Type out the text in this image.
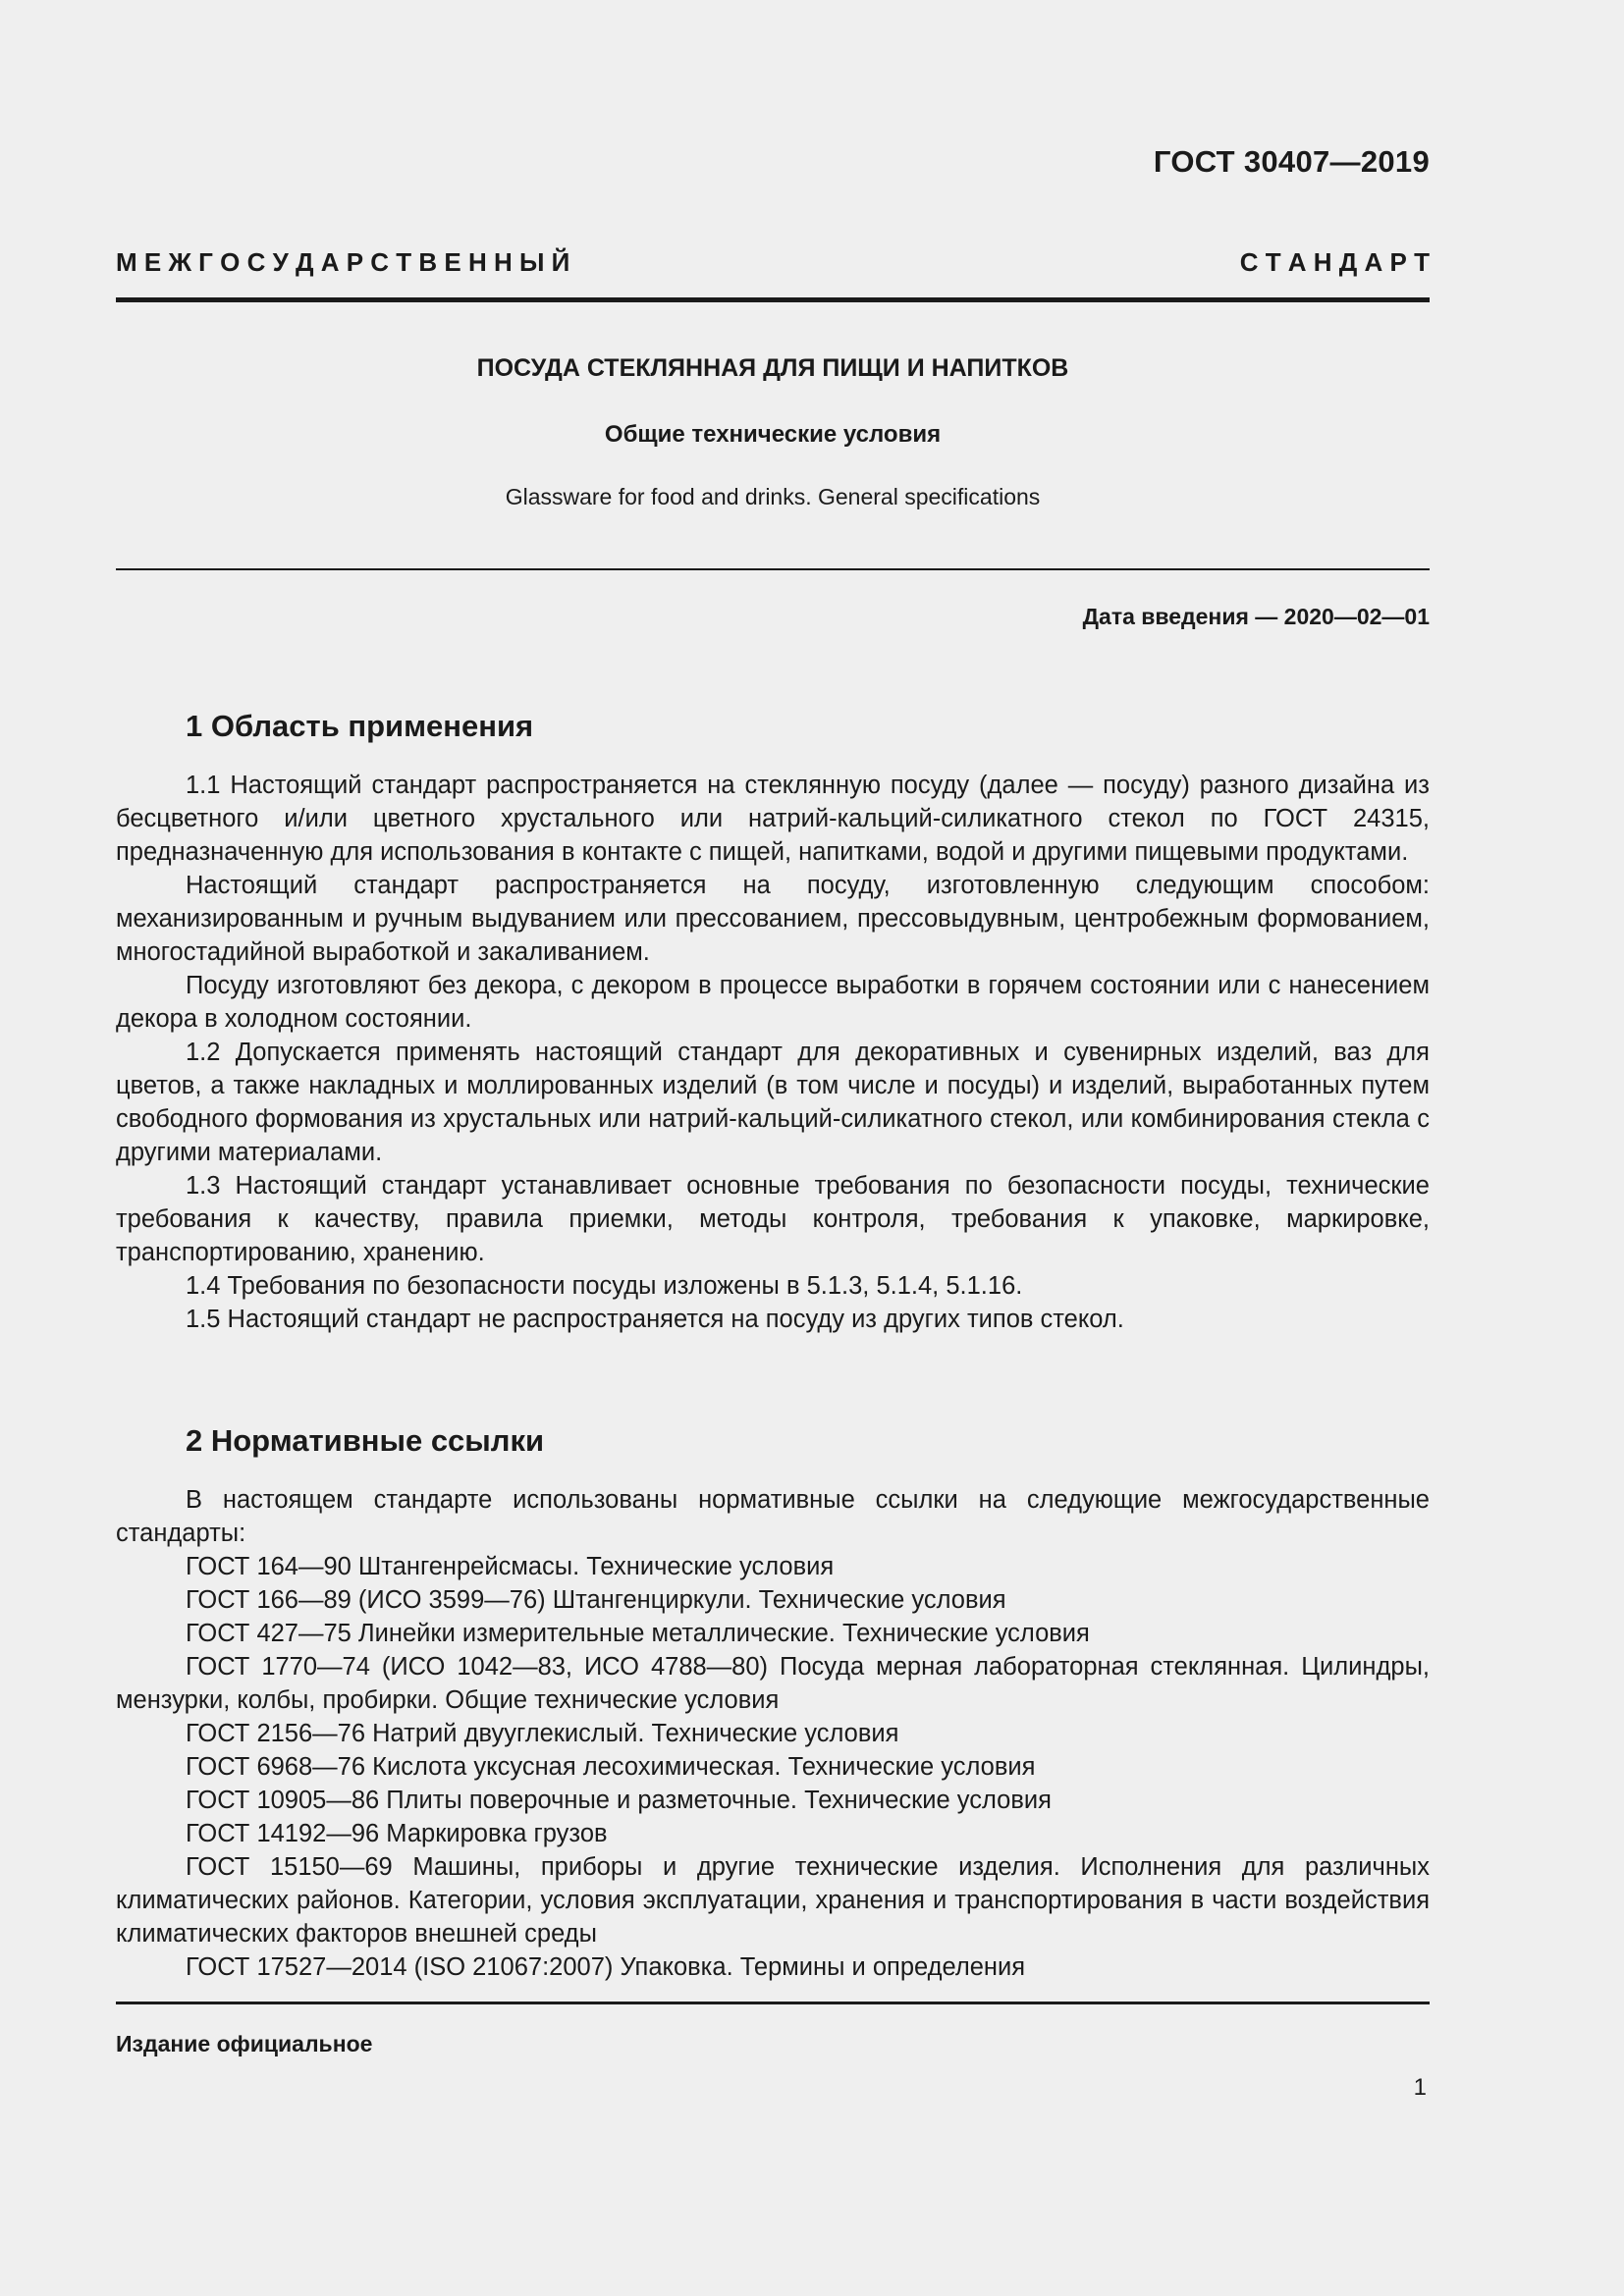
ГОСТ 30407—2019
М Е Ж Г О С У Д А Р С Т В Е Н Н Ы Й	С Т А Н Д А Р Т
ПОСУДА СТЕКЛЯННАЯ ДЛЯ ПИЩИ И НАПИТКОВ
Общие технические условия
Glassware for food and drinks. General specifications
Дата введения — 2020—02—01
1 Область применения

1.1 Настоящий стандарт распространяется на стеклянную посуду (далее — посуду) разного дизайна из бесцветного и/или цветного хрустального или натрий-кальций-силикатного стекол по ГОСТ 24315, предназначенную для использования в контакте с пищей, напитками, водой и другими пищевыми продуктами.

Настоящий стандарт распространяется на посуду, изготовленную следующим способом: механизированным и ручным выдуванием или прессованием, прессовыдувным, центробежным формованием, многостадийной выработкой и закаливанием.

Посуду изготовляют без декора, с декором в процессе выработки в горячем состоянии или с нанесением декора в холодном состоянии.

1.2 Допускается применять настоящий стандарт для декоративных и сувенирных изделий, ваз для цветов, а также накладных и моллированных изделий (в том числе и посуды) и изделий, выработанных путем свободного формования из хрустальных или натрий-кальций-силикатного стекол, или комбинирования стекла с другими материалами.

1.3 Настоящий стандарт устанавливает основные требования по безопасности посуды, технические требования к качеству, правила приемки, методы контроля, требования к упаковке, маркировке, транспортированию, хранению.

1.4 Требования по безопасности посуды изложены в 5.1.3, 5.1.4, 5.1.16.

1.5 Настоящий стандарт не распространяется на посуду из других типов стекол.

2 Нормативные ссылки

В настоящем стандарте использованы нормативные ссылки на следующие межгосударственные стандарты:

ГОСТ 164—90 Штангенрейсмасы. Технические условия

ГОСТ 166—89 (ИСО 3599—76) Штангенциркули. Технические условия

ГОСТ 427—75 Линейки измерительные металлические. Технические условия

ГОСТ 1770—74 (ИСО 1042—83, ИСО 4788—80) Посуда мерная лабораторная стеклянная. Цилиндры, мензурки, колбы, пробирки. Общие технические условия

ГОСТ 2156—76 Натрий двууглекислый. Технические условия

ГОСТ 6968—76 Кислота уксусная лесохимическая. Технические условия

ГОСТ 10905—86 Плиты поверочные и разметочные. Технические условия

ГОСТ 14192—96 Маркировка грузов

ГОСТ 15150—69 Машины, приборы и другие технические изделия. Исполнения для различных климатических районов. Категории, условия эксплуатации, хранения и транспортирования в части воздействия климатических факторов внешней среды

ГОСТ 17527—2014 (ISO 21067:2007) Упаковка. Термины и определения

Издание официальное
1
